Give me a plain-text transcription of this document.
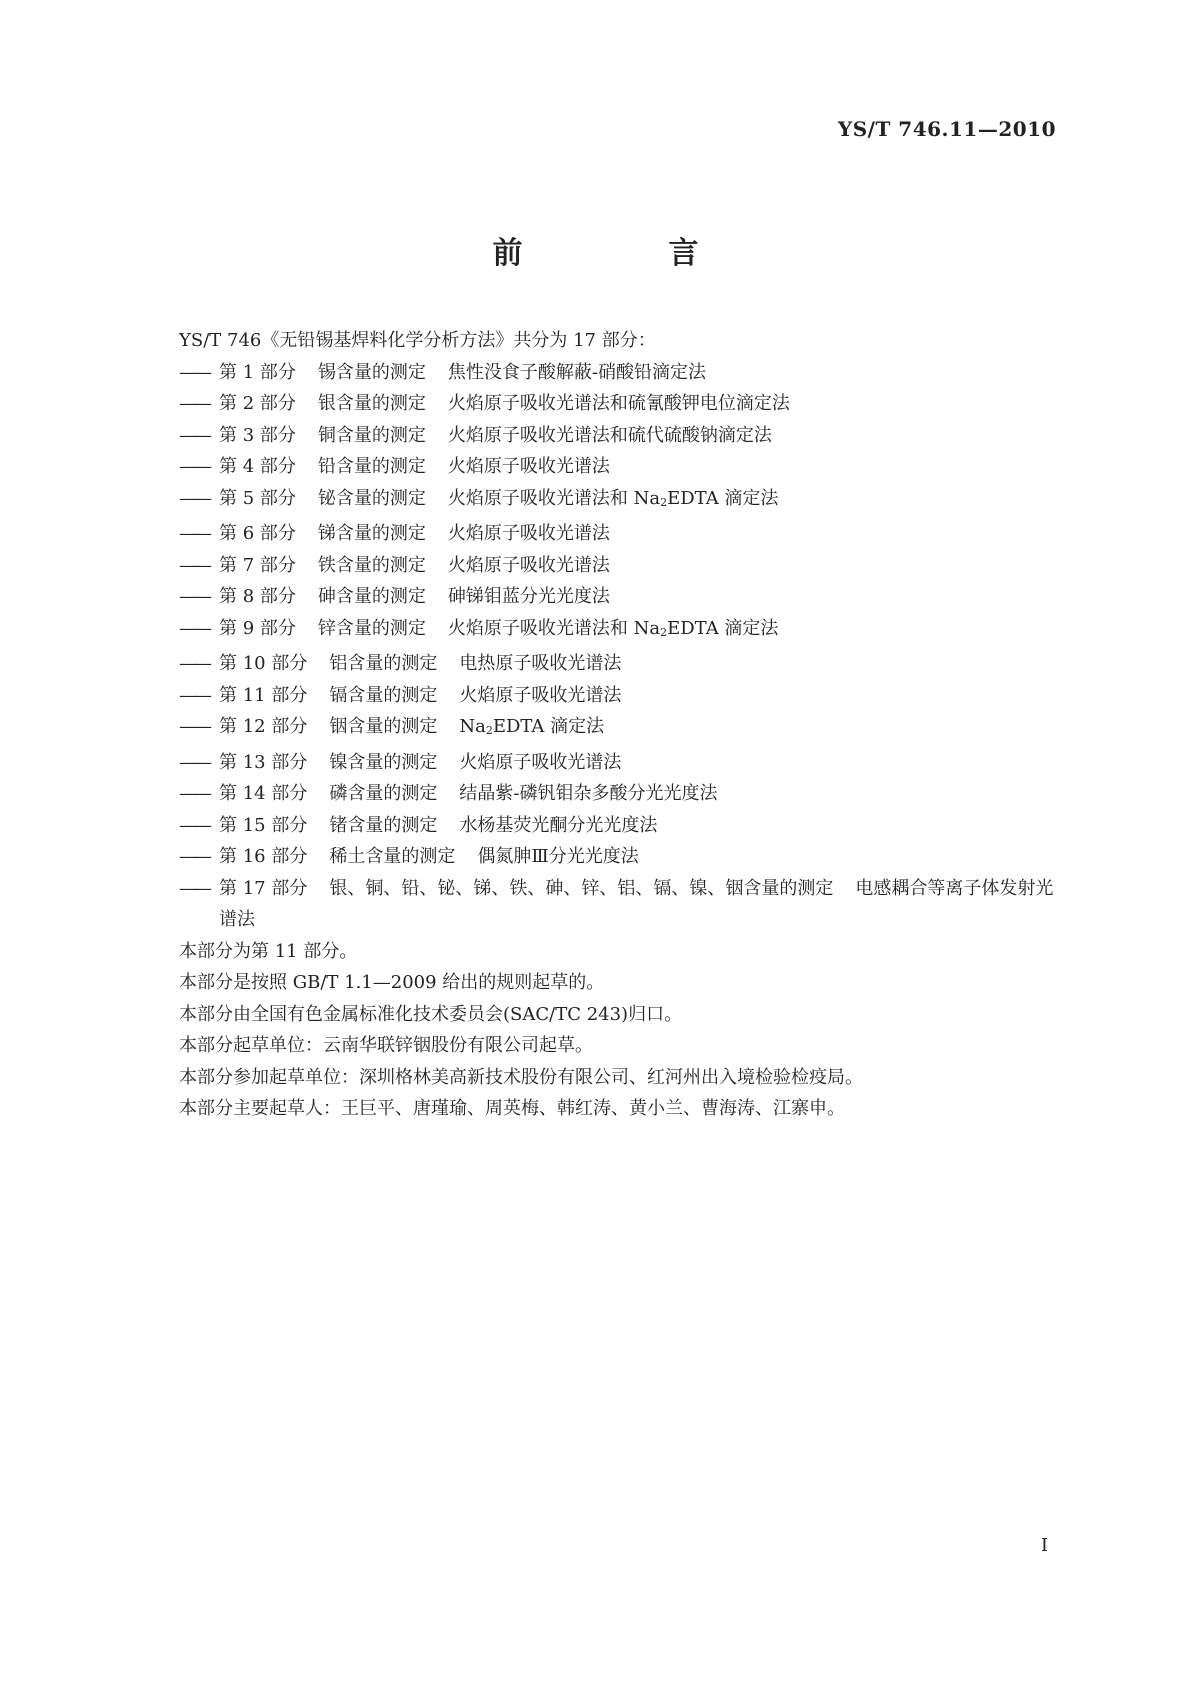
YS/T 746.11—2010
前　言
YS/T 746《无铅锡基焊料化学分析方法》共分为 17 部分：
—— 第 1 部分 锡含量的测定 焦性没食子酸解蔽-硝酸铅滴定法
—— 第 2 部分 银含量的测定 火焰原子吸收光谱法和硫氰酸钾电位滴定法
—— 第 3 部分 铜含量的测定 火焰原子吸收光谱法和硫代硫酸钠滴定法
—— 第 4 部分 铅含量的测定 火焰原子吸收光谱法
—— 第 5 部分 铋含量的测定 火焰原子吸收光谱法和 $Na_2EDTA$ 滴定法
—— 第 6 部分 锑含量的测定 火焰原子吸收光谱法
—— 第 7 部分 铁含量的测定 火焰原子吸收光谱法
—— 第 8 部分 砷含量的测定 砷锑钼蓝分光光度法
—— 第 9 部分 锌含量的测定 火焰原子吸收光谱法和 $Na_2EDTA$ 滴定法
—— 第 10 部分 铝含量的测定 电热原子吸收光谱法
—— 第 11 部分 镉含量的测定 火焰原子吸收光谱法
—— 第 12 部分 铟含量的测定 $Na_2EDTA$ 滴定法
—— 第 13 部分 镍含量的测定 火焰原子吸收光谱法
—— 第 14 部分 磷含量的测定 结晶紫-磷钒钼杂多酸分光光度法
—— 第 15 部分 锗含量的测定 水杨基荧光酮分光光度法
—— 第 16 部分 稀土含量的测定 偶氮胂Ⅲ分光光度法
—— 第 17 部分 银、铜、铅、铋、锑、铁、砷、锌、铝、镉、镍、铟含量的测定 电感耦合等离子体发射光
谱法
本部分为第 11 部分。
本部分是按照 GB/T 1.1—2009 给出的规则起草的。
本部分由全国有色金属标准化技术委员会(SAC/TC 243)归口。
本部分起草单位：云南华联锌铟股份有限公司起草。
本部分参加起草单位：深圳格林美高新技术股份有限公司、红河州出入境检验检疫局。
本部分主要起草人：王巨平、唐瑾瑜、周英梅、韩红涛、黄小兰、曹海涛、江寨申。
I
